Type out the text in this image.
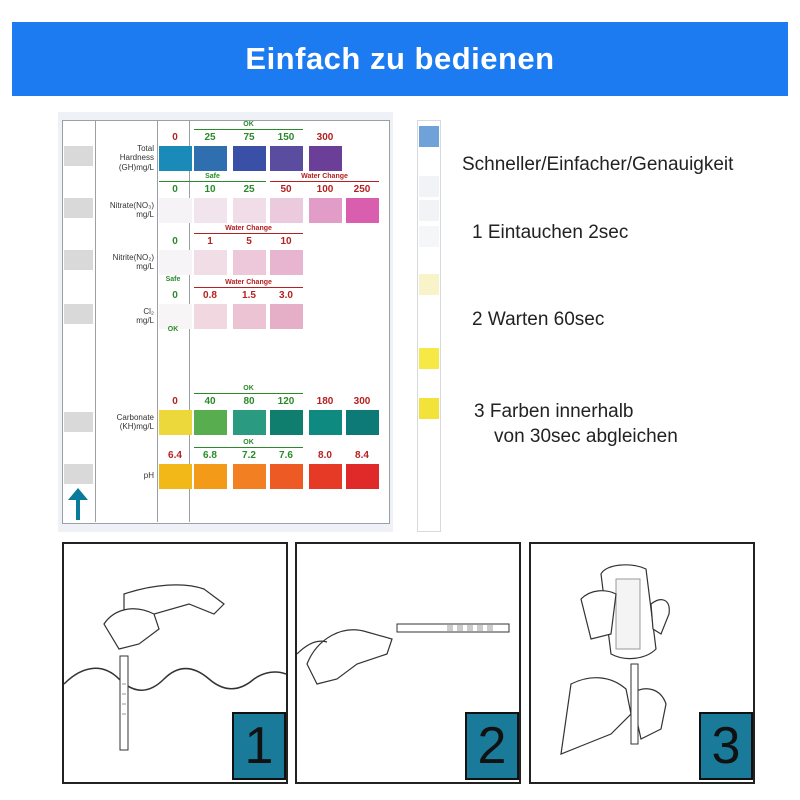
Einfach zu bedienen
Total
Hardness
(GH)mg/L
0	25	75	150	300
OK
Nitrate(NO₃)
mg/L
0	10	25	50	100	250
Safe	Water Change
Nitrite(NO₂)
mg/L
0	1	5	10
Water Change
Cl₂
mg/L
0	0.8	1.5	3.0
Water Change
Safe
OK
Carbonate
(KH)mg/L
0	40	80	120	180	300
OK
pH
6.4	6.8	7.2	7.6	8.0	8.4
OK
Schneller/Einfacher/Genauigkeit
1 Eintauchen 2sec
2 Warten 60sec
3 Farben innerhalb
von 30sec abgleichen
1	2	3
